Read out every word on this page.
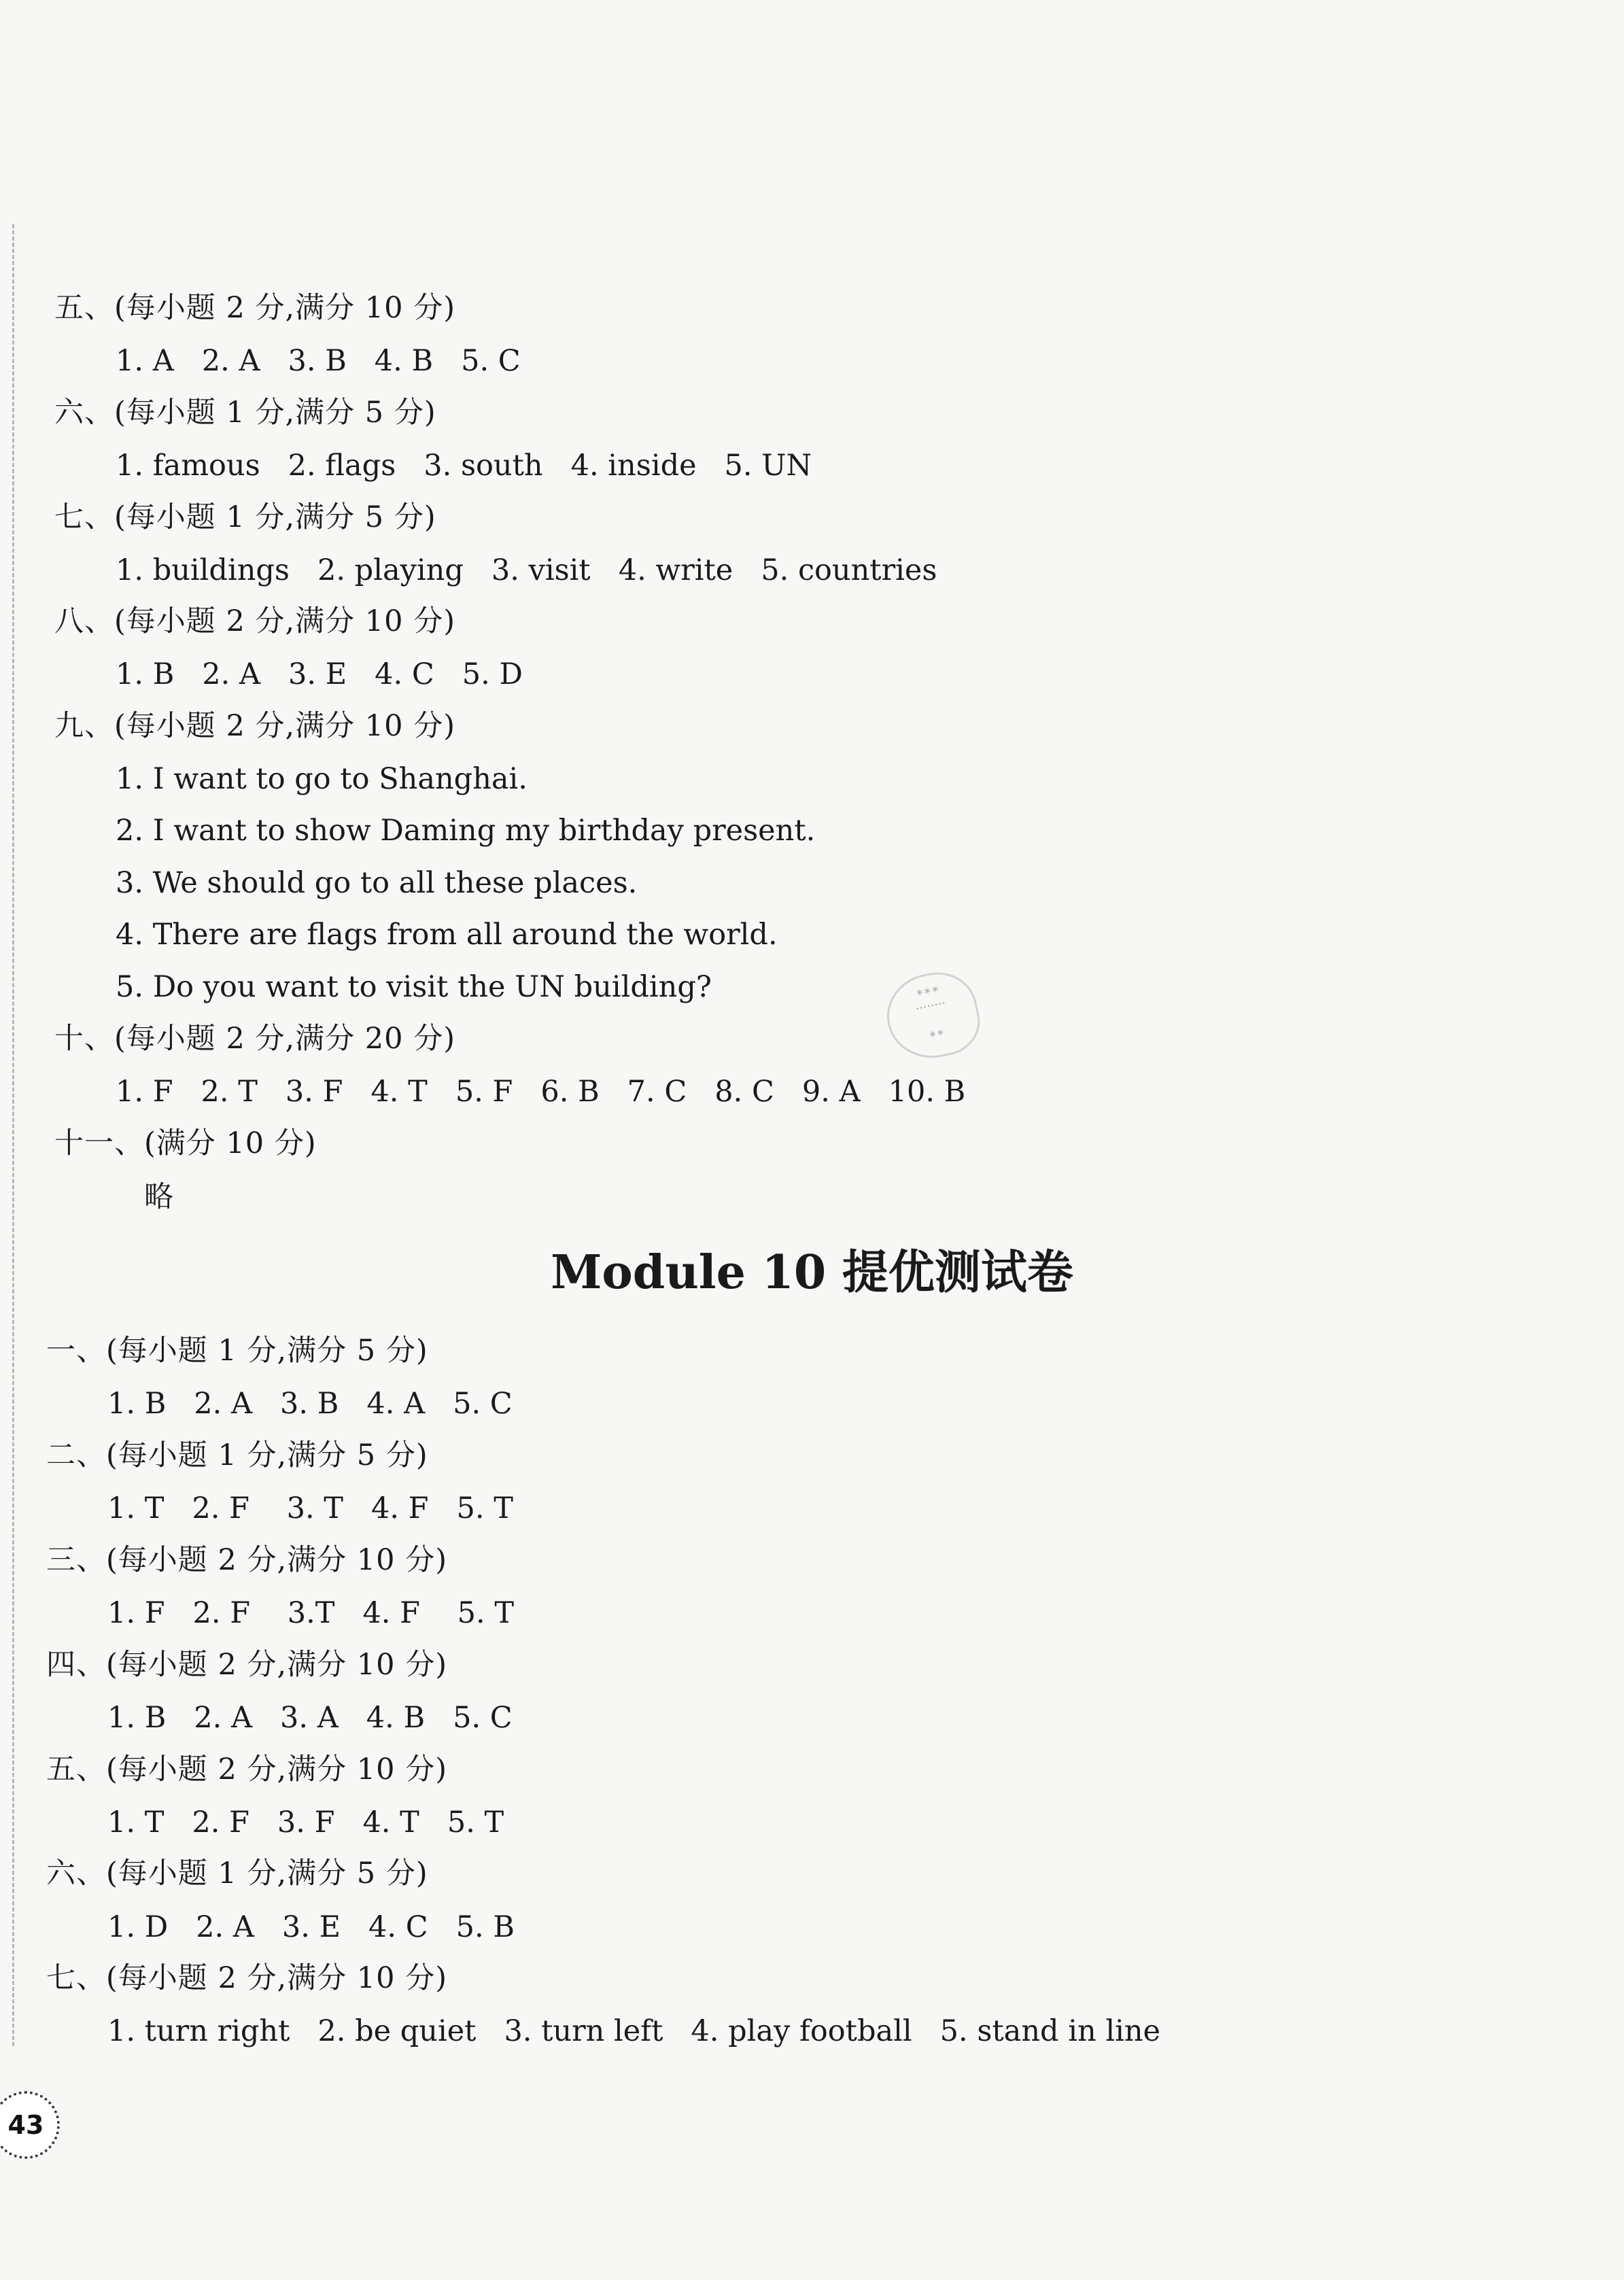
五、(每小题 2 分,满分 10 分)
1. A   2. A   3. B   4. B   5. C
六、(每小题 1 分,满分 5 分)
1. famous   2. flags   3. south   4. inside   5. UN
七、(每小题 1 分,满分 5 分)
1. buildings   2. playing   3. visit   4. write   5. countries
八、(每小题 2 分,满分 10 分)
1. B   2. A   3. E   4. C   5. D
九、(每小题 2 分,满分 10 分)
1. I want to go to Shanghai.
2. I want to show Daming my birthday present.
3. We should go to all these places.
4. There are flags from all around the world.
5. Do you want to visit the UN building?
十、(每小题 2 分,满分 20 分)
1. F   2. T   3. F   4. T   5. F   6. B   7. C   8. C   9. A   10. B
十一、(满分 10 分)
略
∗∗∗
∙∙∙∙∙∙∙∙
∗∗
Module 10 提优测试卷
一、(每小题 1 分,满分 5 分)
1. B   2. A   3. B   4. A   5. C
二、(每小题 1 分,满分 5 分)
1. T   2. F    3. T   4. F   5. T
三、(每小题 2 分,满分 10 分)
1. F   2. F    3.T   4. F    5. T
四、(每小题 2 分,满分 10 分)
1. B   2. A   3. A   4. B   5. C
五、(每小题 2 分,满分 10 分)
1. T   2. F   3. F   4. T   5. T
六、(每小题 1 分,满分 5 分)
1. D   2. A   3. E   4. C   5. B
七、(每小题 2 分,满分 10 分)
1. turn right   2. be quiet   3. turn left   4. play football   5. stand in line
43
